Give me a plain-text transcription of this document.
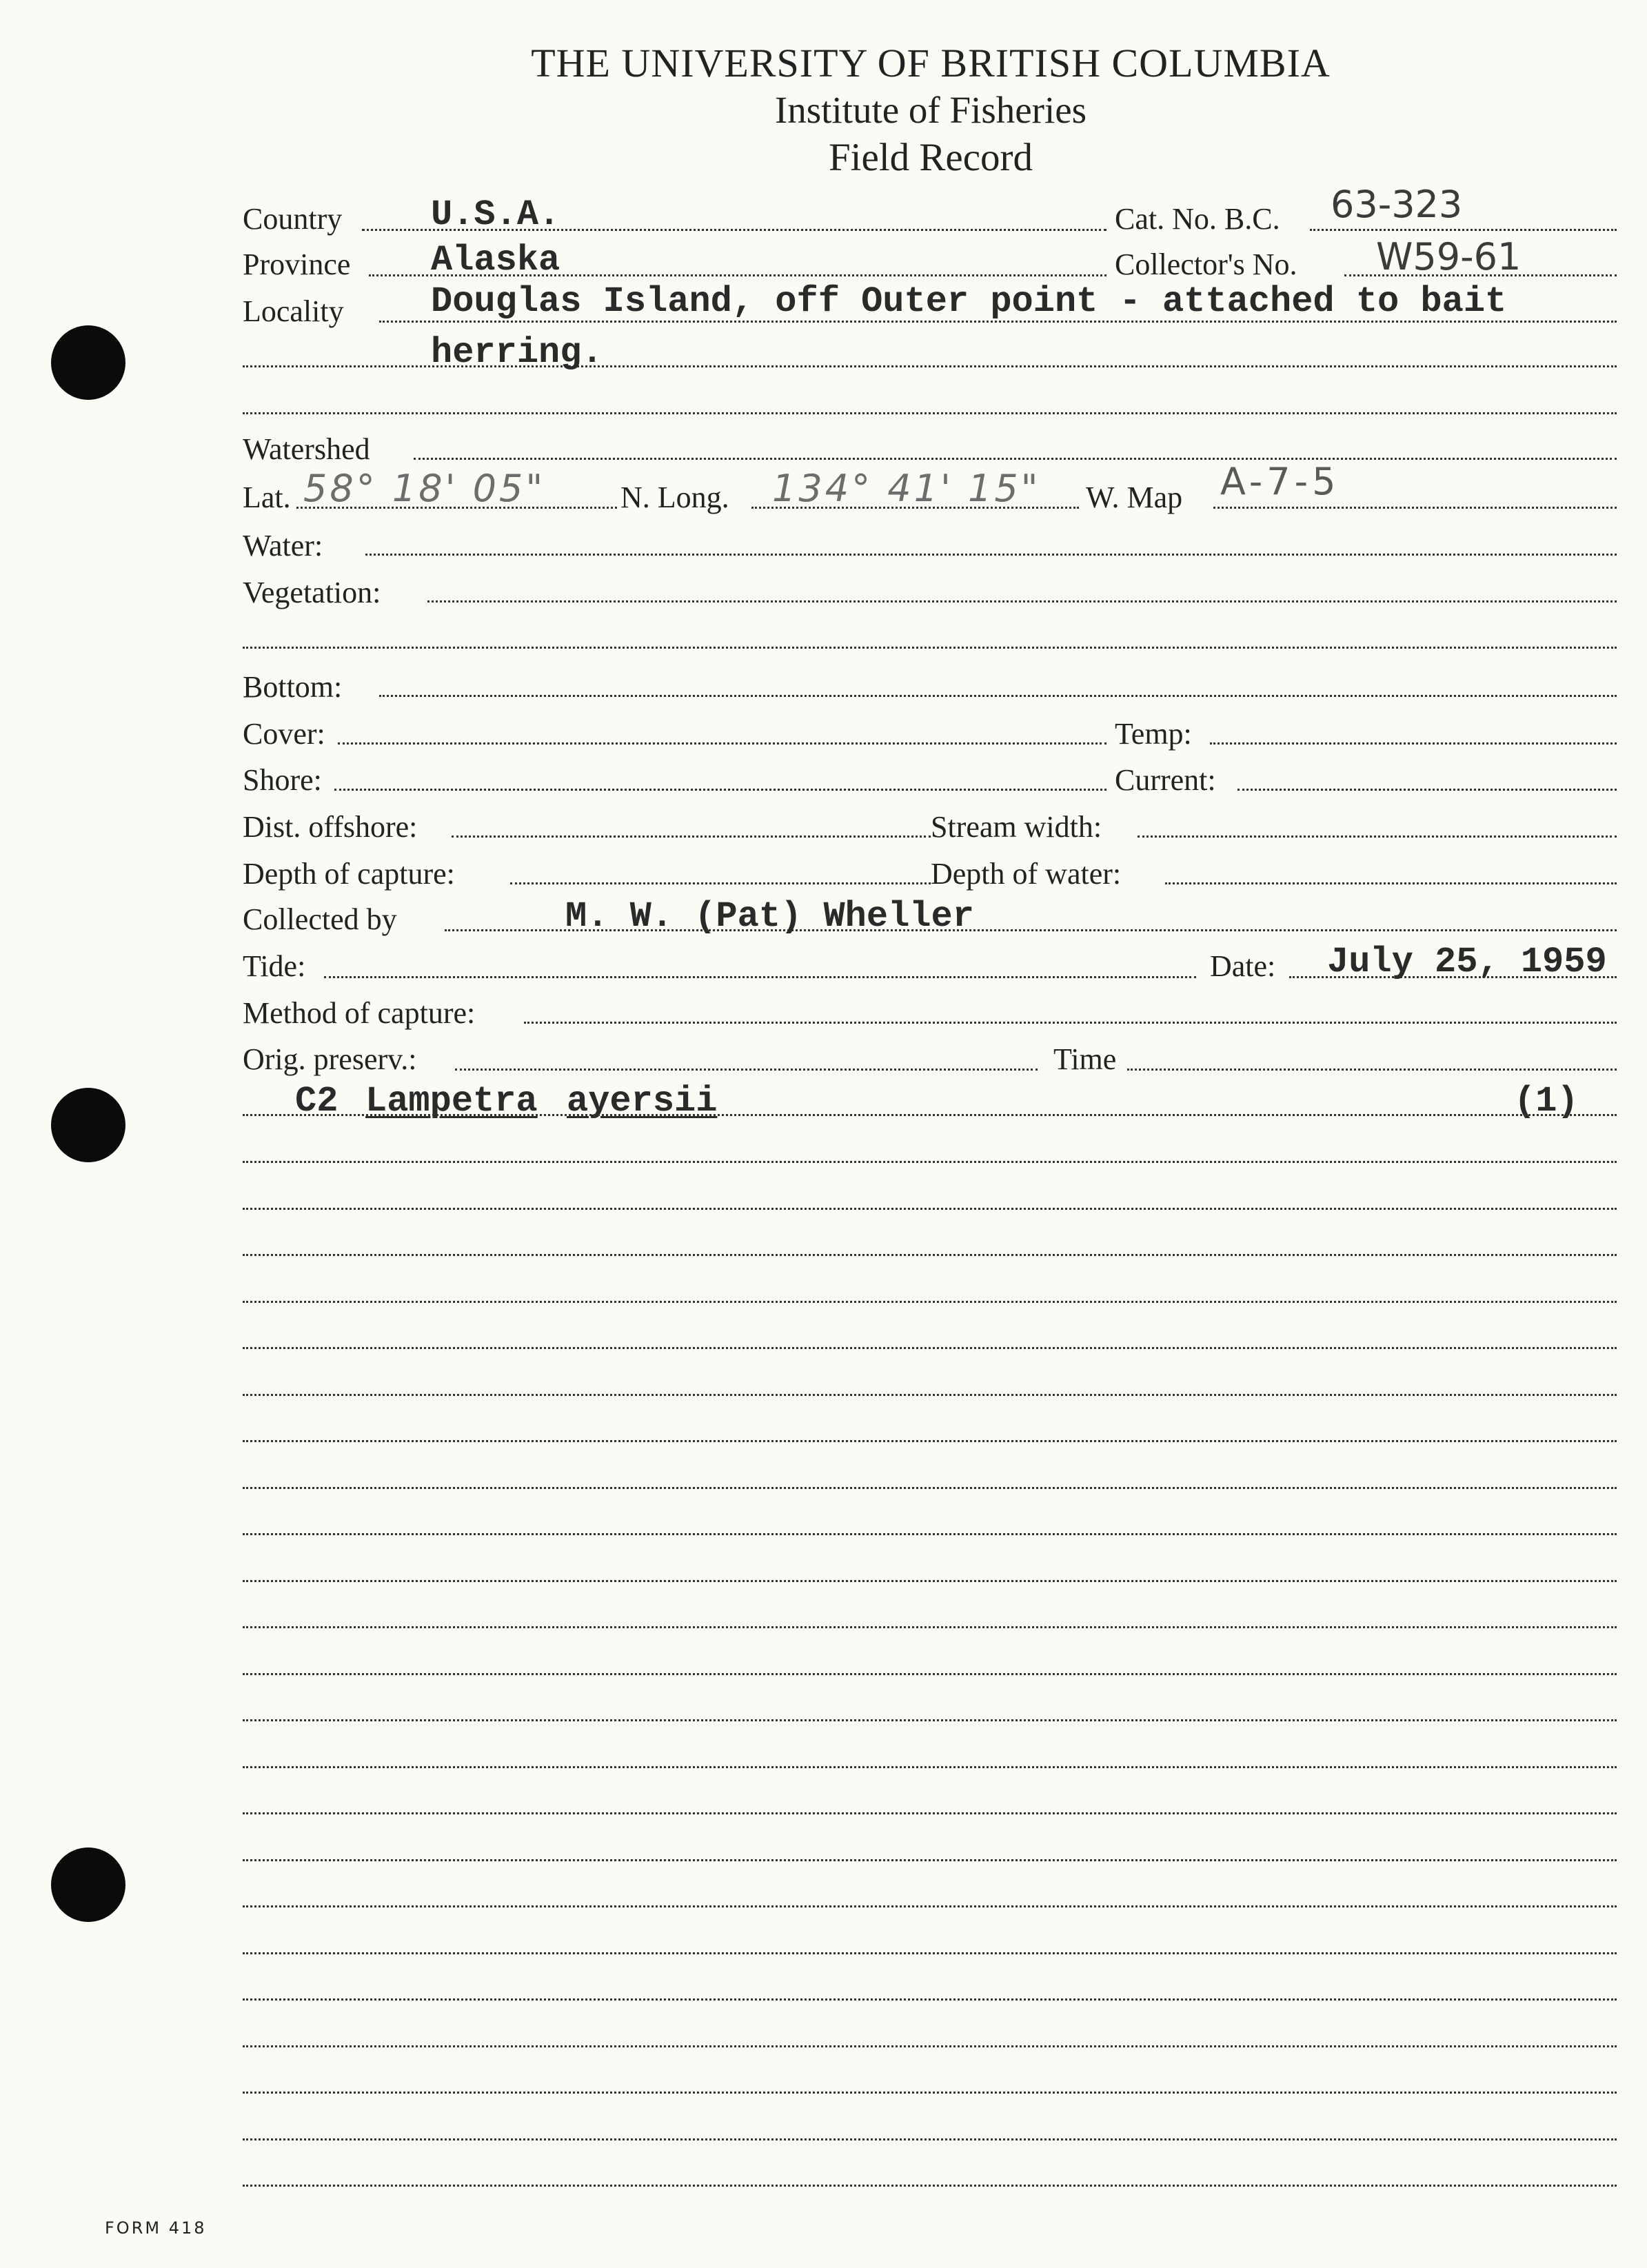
THE UNIVERSITY OF BRITISH COLUMBIA
Institute of Fisheries
Field Record
Country U.S.A.	Cat. No. B.C. 63-323
Province Alaska	Collector's No. W59-61
Locality Douglas Island, off Outer point - attached to bait
herring.
Watershed
Lat. 58° 18' 05" N. Long. 134° 41' 15" W. Map A-7-5
Water:
Vegetation:
Bottom:
Cover:	Temp:
Shore:	Current:
Dist. offshore:	Stream width:
Depth of capture:	Depth of water:
Collected by	M. W. (Pat) Wheller
Tide:	Date: July 25, 1959
Method of capture:
Orig. preserv.:	Time
C2 Lampetra ayersii	(1)
FORM 418
